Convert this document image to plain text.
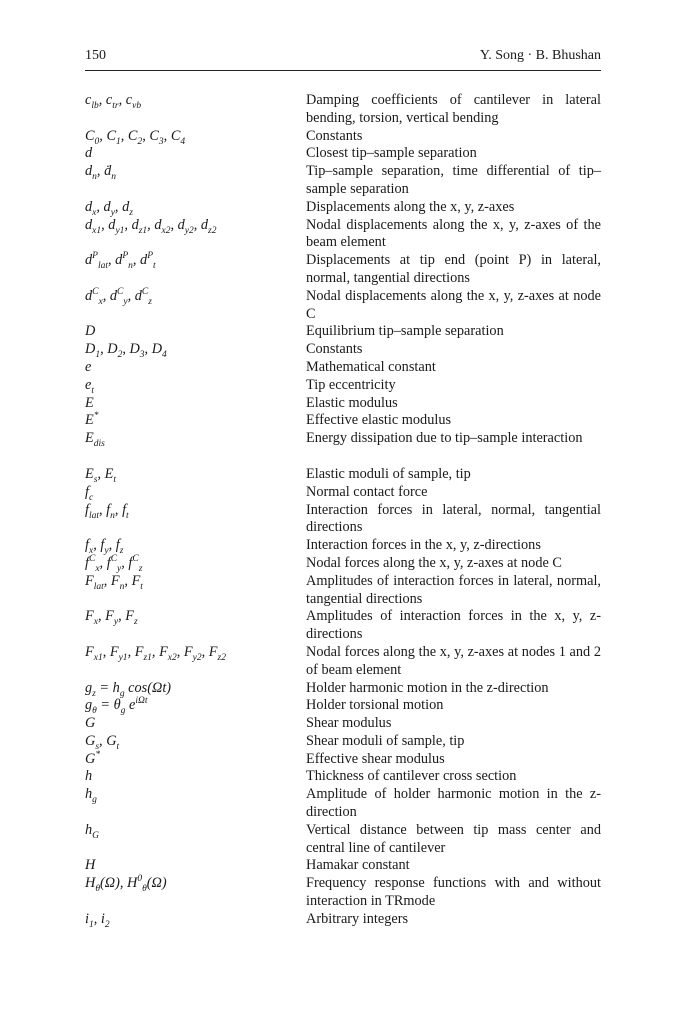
150	Y. Song · B. Bhushan
$c_{lb}$, $c_{tr}$, $c_{vb}$	Damping coefficients of cantilever in lateral bending, torsion, vertical bending
$C_0$, $C_1$, $C_2$, $C_3$, $C_4$	Constants
d	Closest tip–sample separation
$d_n$, ḋ$_n$	Tip–sample separation, time differential of tip–sample separation
$d_x$, $d_y$, $d_z$	Displacements along the x, y, z-axes
$d_{x1}$, $d_{y1}$, $d_{z1}$, $d_{x2}$, $d_{y2}$, $d_{z2}$	Nodal displacements along the x, y, z-axes of the beam element
$d^P_{lat}$, $d^P_n$, $d^P_t$	Displacements at tip end (point P) in lateral, normal, tangential directions
$d^C_x$, $d^C_y$, $d^C_z$	Nodal displacements along the x, y, z-axes at node C
D	Equilibrium tip–sample separation
$D_1$, $D_2$, $D_3$, $D_4$	Constants
e	Mathematical constant
$e_t$	Tip eccentricity
E	Elastic modulus
E*	Effective elastic modulus
$E_{dis}$	Energy dissipation due to tip–sample interaction
$E_s$, $E_t$	Elastic moduli of sample, tip
$f_c$	Normal contact force
$f_{lat}$, $f_n$, $f_t$	Interaction forces in lateral, normal, tangential directions
$f_x$, $f_y$, $f_z$	Interaction forces in the x, y, z-directions
$f^C_x$, $f^C_y$, $f^C_z$	Nodal forces along the x, y, z-axes at node C
$F_{lat}$, $F_n$, $F_t$	Amplitudes of interaction forces in lateral, normal, tangential directions
$F_x$, $F_y$, $F_z$	Amplitudes of interaction forces in the x, y, z-directions
$F_{x1}$, $F_{y1}$, $F_{z1}$, $F_{x2}$, $F_{y2}$, $F_{z2}$	Nodal forces along the x, y, z-axes at nodes 1 and 2 of beam element
$g_z = h_g$ cos(Ωt)	Holder harmonic motion in the z-direction
$g_\theta = \theta_g$ $e^{i\Omega t}$	Holder torsional motion
G	Shear modulus
$G_s$, $G_t$	Shear moduli of sample, tip
G*	Effective shear modulus
h	Thickness of cantilever cross section
$h_g$	Amplitude of holder harmonic motion in the z-direction
$h_G$	Vertical distance between tip mass center and central line of cantilever
H	Hamakar constant
$H_\theta(\Omega)$, $H^0_\theta(\Omega)$	Frequency response functions with and without interaction in TRmode
$i_1$, $i_2$	Arbitrary integers
